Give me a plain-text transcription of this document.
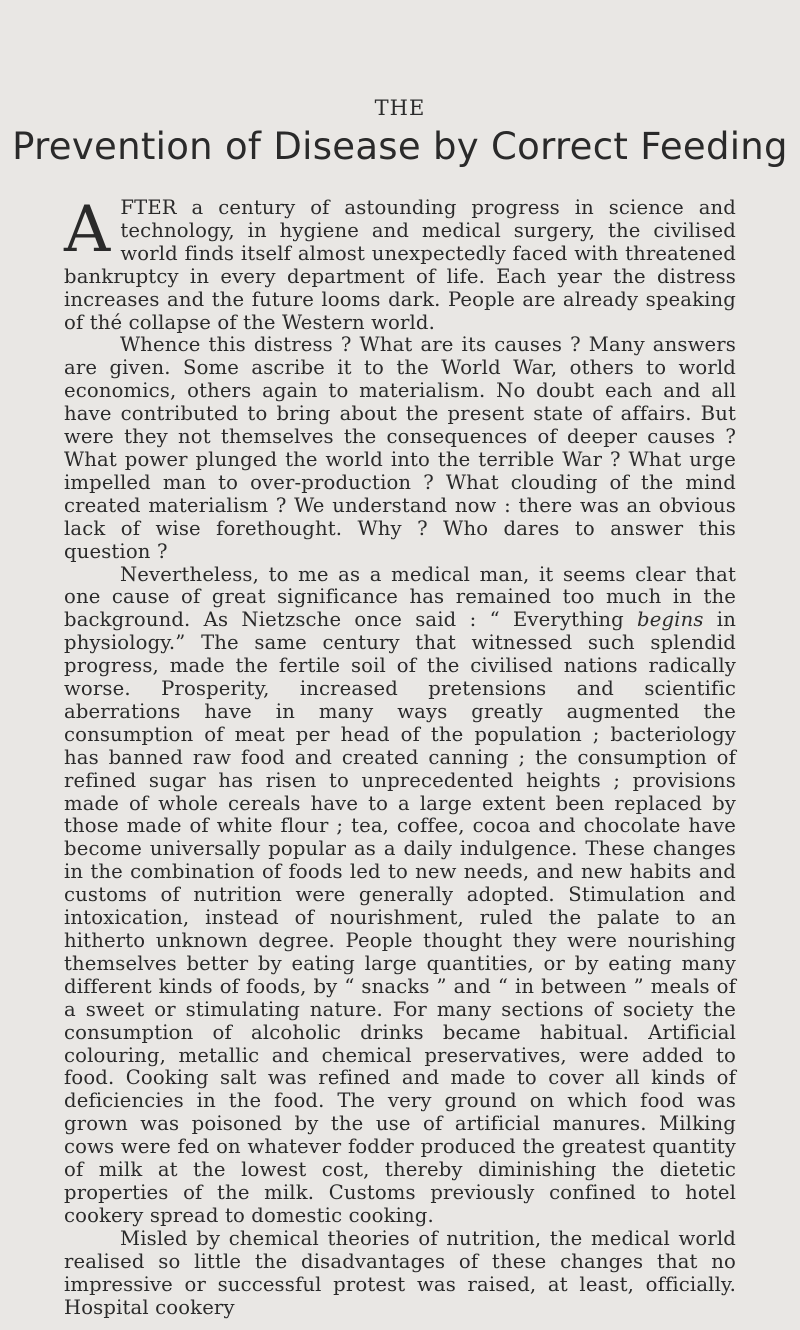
THE
Prevention of Disease by Correct Feeding

AFTER a century of astounding progress in science and technology, in hygiene and medical surgery, the civilised world finds itself almost unexpectedly faced with threatened bankruptcy in every department of life. Each year the distress increases and the future looms dark. People are already speaking of thé collapse of the Western world.

Whence this distress ? What are its causes ? Many answers are given. Some ascribe it to the World War, others to world economics, others again to materialism. No doubt each and all have contributed to bring about the present state of affairs. But were they not themselves the consequences of deeper causes ? What power plunged the world into the terrible War ? What urge impelled man to over-production ? What clouding of the mind created materialism ? We understand now : there was an obvious lack of wise forethought. Why ? Who dares to answer this question ?

Nevertheless, to me as a medical man, it seems clear that one cause of great significance has remained too much in the background. As Nietzsche once said : “ Everything begins in physiology.” The same century that witnessed such splendid progress, made the fertile soil of the civilised nations radically worse. Prosperity, increased pretensions and scientific aberrations have in many ways greatly augmented the consumption of meat per head of the population ; bacteriology has banned raw food and created canning ; the consumption of refined sugar has risen to unprecedented heights ; provisions made of whole cereals have to a large extent been replaced by those made of white flour ; tea, coffee, cocoa and chocolate have become universally popular as a daily indulgence. These changes in the combination of foods led to new needs, and new habits and customs of nutrition were generally adopted. Stimulation and intoxication, instead of nourishment, ruled the palate to an hitherto unknown degree. People thought they were nourishing themselves better by eating large quantities, or by eating many different kinds of foods, by “ snacks ” and “ in between ” meals of a sweet or stimulating nature. For many sections of society the consumption of alcoholic drinks became habitual. Artificial colouring, metallic and chemical preservatives, were added to food. Cooking salt was refined and made to cover all kinds of deficiencies in the food. The very ground on which food was grown was poisoned by the use of artificial manures. Milking cows were fed on whatever fodder produced the greatest quantity of milk at the lowest cost, thereby diminishing the dietetic properties of the milk. Customs previously confined to hotel cookery spread to domestic cooking.

Misled by chemical theories of nutrition, the medical world realised so little the disadvantages of these changes that no impressive or successful protest was raised, at least, officially. Hospital cookery
